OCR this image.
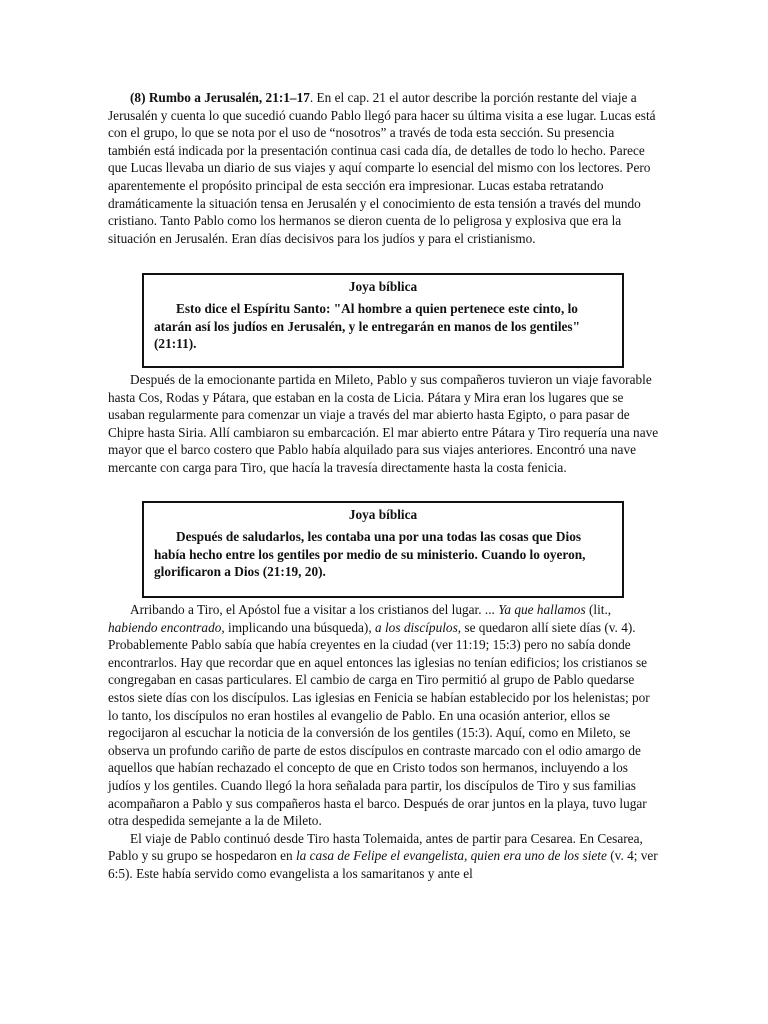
(8) Rumbo a Jerusalén, 21:1–17. En el cap. 21 el autor describe la porción restante del viaje a Jerusalén y cuenta lo que sucedió cuando Pablo llegó para hacer su última visita a ese lugar. Lucas está con el grupo, lo que se nota por el uso de “nosotros” a través de toda esta sección. Su presencia también está indicada por la presentación continua casi cada día, de detalles de todo lo hecho. Parece que Lucas llevaba un diario de sus viajes y aquí comparte lo esencial del mismo con los lectores. Pero aparentemente el propósito principal de esta sección era impresionar. Lucas estaba retratando dramáticamente la situación tensa en Jerusalén y el conocimiento de esta tensión a través del mundo cristiano. Tanto Pablo como los hermanos se dieron cuenta de lo peligrosa y explosiva que era la situación en Jerusalén. Eran días decisivos para los judíos y para el cristianismo.

Joya bíblica
Esto dice el Espíritu Santo: "Al hombre a quien pertenece este cinto, lo atarán así los judíos en Jerusalén, y le entregarán en manos de los gentiles" (21:11).

Después de la emocionante partida en Mileto, Pablo y sus compañeros tuvieron un viaje favorable hasta Cos, Rodas y Pátara, que estaban en la costa de Licia. Pátara y Mira eran los lugares que se usaban regularmente para comenzar un viaje a través del mar abierto hasta Egipto, o para pasar de Chipre hasta Siria. Allí cambiaron su embarcación. El mar abierto entre Pátara y Tiro requería una nave mayor que el barco costero que Pablo había alquilado para sus viajes anteriores. Encontró una nave mercante con carga para Tiro, que hacía la travesía directamente hasta la costa fenicia.

Joya bíblica
Después de saludarlos, les contaba una por una todas las cosas que Dios había hecho entre los gentiles por medio de su ministerio. Cuando lo oyeron, glorificaron a Dios (21:19, 20).

Arribando a Tiro, el Apóstol fue a visitar a los cristianos del lugar. ... Ya que hallamos (lit., habiendo encontrado, implicando una búsqueda), a los discípulos, se quedaron allí siete días (v. 4). Probablemente Pablo sabía que había creyentes en la ciudad (ver 11:19; 15:3) pero no sabía donde encontrarlos. Hay que recordar que en aquel entonces las iglesias no tenían edificios; los cristianos se congregaban en casas particulares. El cambio de carga en Tiro permitió al grupo de Pablo quedarse estos siete días con los discípulos. Las iglesias en Fenicia se habían establecido por los helenistas; por lo tanto, los discípulos no eran hostiles al evangelio de Pablo. En una ocasión anterior, ellos se regocijaron al escuchar la noticia de la conversión de los gentiles (15:3). Aquí, como en Mileto, se observa un profundo cariño de parte de estos discípulos en contraste marcado con el odio amargo de aquellos que habían rechazado el concepto de que en Cristo todos son hermanos, incluyendo a los judíos y los gentiles. Cuando llegó la hora señalada para partir, los discípulos de Tiro y sus familias acompañaron a Pablo y sus compañeros hasta el barco. Después de orar juntos en la playa, tuvo lugar otra despedida semejante a la de Mileto.

El viaje de Pablo continuó desde Tiro hasta Tolemaida, antes de partir para Cesarea. En Cesarea, Pablo y su grupo se hospedaron en la casa de Felipe el evangelista, quien era uno de los siete (v. 4; ver 6:5). Este había servido como evangelista a los samaritanos y ante el
